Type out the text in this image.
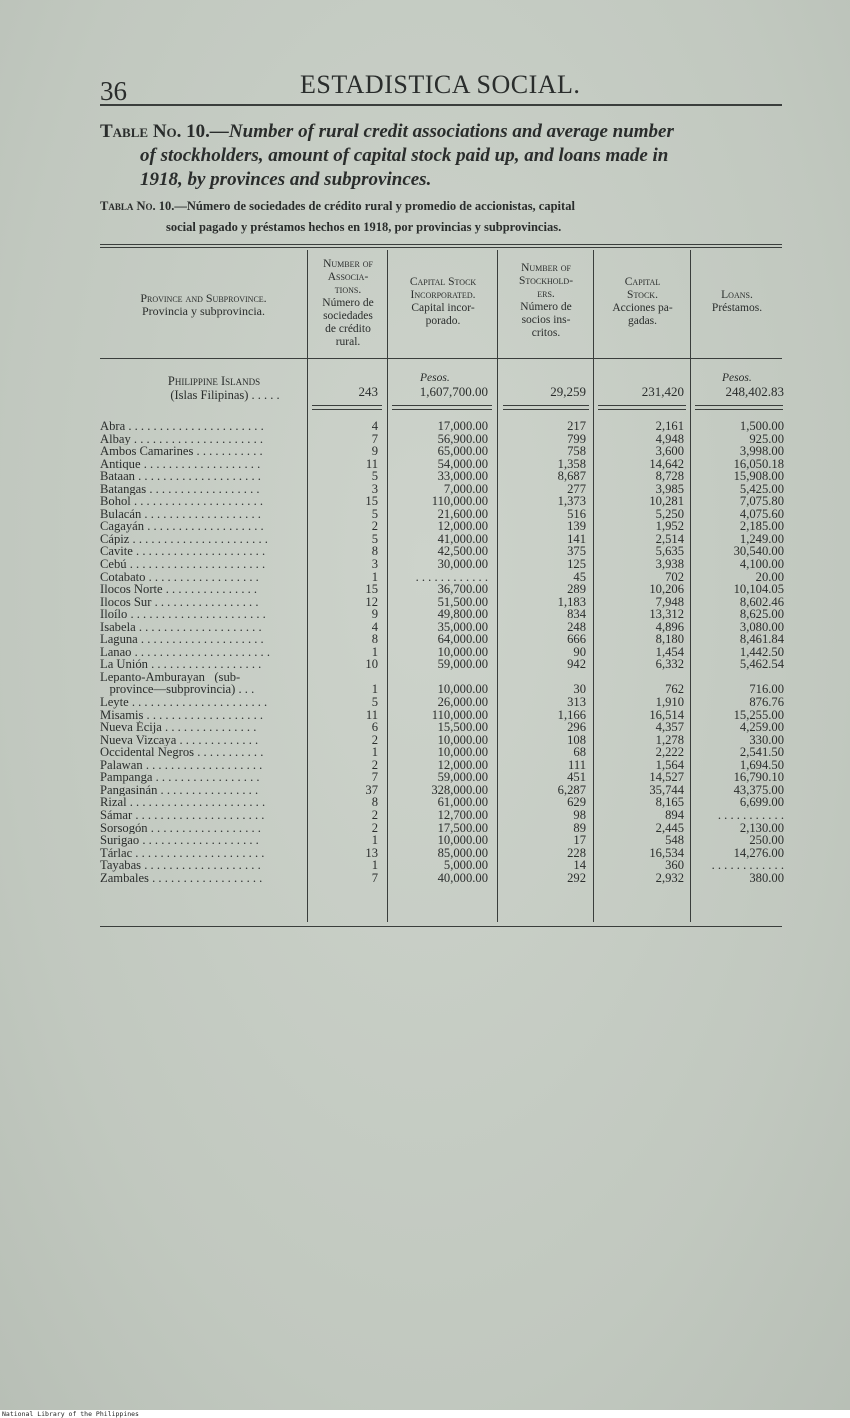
36	ESTADISTICA SOCIAL.
Table No. 10.—Number of rural credit associations and average number
of stockholders, amount of capital stock paid up, and loans made in
1918, by provinces and subprovinces.
Tabla No. 10.—Número de sociedades de crédito rural y promedio de accionistas, capital
social pagado y préstamos hechos en 1918, por provincias y subprovincias.
Province and Subprovince.
Provincia y subprovincia.
Number of
Associa-
tions.
Número de
sociedades
de crédito
rural.
Capital Stock
Incorporated.
Capital incor-
porado.
Number of
Stockhold-
ers.
Número de
socios ins-
critos.
Capital
Stock.
Acciones pa-
gadas.
Loans.
Préstamos.
Philippine Islands
(Islas Filipinas) . . . . .
Pesos.	Pesos.
243	1,607,700.00	29,259	231,420	248,402.83
Abra . . . . . . . . . . . . . . . . . . . . . .	4	17,000.00	217	2,161	1,500.00
Albay . . . . . . . . . . . . . . . . . . . . .	7	56,900.00	799	4,948	925.00
Ambos Camarines . . . . . . . . . . .	9	65,000.00	758	3,600	3,998.00
Antique . . . . . . . . . . . . . . . . . . .	11	54,000.00	1,358	14,642	16,050.18
Bataan . . . . . . . . . . . . . . . . . . . .	5	33,000.00	8,687	8,728	15,908.00
Batangas . . . . . . . . . . . . . . . . . .	3	7,000.00	277	3,985	5,425.00
Bohol . . . . . . . . . . . . . . . . . . . . .	15	110,000.00	1,373	10,281	7,075.80
Bulacán . . . . . . . . . . . . . . . . . . .	5	21,600.00	516	5,250	4,075.60
Cagayán . . . . . . . . . . . . . . . . . . .	2	12,000.00	139	1,952	2,185.00
Cápiz . . . . . . . . . . . . . . . . . . . . . .	5	41,000.00	141	2,514	1,249.00
Cavite . . . . . . . . . . . . . . . . . . . . .	8	42,500.00	375	5,635	30,540.00
Cebú . . . . . . . . . . . . . . . . . . . . . .	3	30,000.00	125	3,938	4,100.00
Cotabato . . . . . . . . . . . . . . . . . .	1	. . . . . . . . . . . .	45	702	20.00
Ilocos Norte . . . . . . . . . . . . . . .	15	36,700.00	289	10,206	10,104.05
Ilocos Sur . . . . . . . . . . . . . . . . .	12	51,500.00	1,183	7,948	8,602.46
Iloílo . . . . . . . . . . . . . . . . . . . . . .	9	49,800.00	834	13,312	8,625.00
Isabela . . . . . . . . . . . . . . . . . . . .	4	35,000.00	248	4,896	3,080.00
Laguna . . . . . . . . . . . . . . . . . . . .	8	64,000.00	666	8,180	8,461.84
Lanao . . . . . . . . . . . . . . . . . . . . . .	1	10,000.00	90	1,454	1,442.50
La Unión . . . . . . . . . . . . . . . . . .	10	59,000.00	942	6,332	5,462.54
Lepanto-Amburayan   (sub-
province—subprovincia) . . .	1	10,000.00	30	762	716.00
Leyte . . . . . . . . . . . . . . . . . . . . . .	5	26,000.00	313	1,910	876.76
Misamis . . . . . . . . . . . . . . . . . . .	11	110,000.00	1,166	16,514	15,255.00
Nueva Écija . . . . . . . . . . . . . . .	6	15,500.00	296	4,357	4,259.00
Nueva Vizcaya . . . . . . . . . . . . .	2	10,000.00	108	1,278	330.00
Occidental Negros . . . . . . . . . . .	1	10,000.00	68	2,222	2,541.50
Palawan . . . . . . . . . . . . . . . . . . .	2	12,000.00	111	1,564	1,694.50
Pampanga . . . . . . . . . . . . . . . . .	7	59,000.00	451	14,527	16,790.10
Pangasinán . . . . . . . . . . . . . . . .	37	328,000.00	6,287	35,744	43,375.00
Rizal . . . . . . . . . . . . . . . . . . . . . .	8	61,000.00	629	8,165	6,699.00
Sámar . . . . . . . . . . . . . . . . . . . . .	2	12,700.00	98	894	. . . . . . . . . . .
Sorsogón . . . . . . . . . . . . . . . . . .	2	17,500.00	89	2,445	2,130.00
Surigao . . . . . . . . . . . . . . . . . . .	1	10,000.00	17	548	250.00
Tárlac . . . . . . . . . . . . . . . . . . . . .	13	85,000.00	228	16,534	14,276.00
Tayabas . . . . . . . . . . . . . . . . . . .	1	5,000.00	14	360	. . . . . . . . . . . .
Zambales . . . . . . . . . . . . . . . . . .	7	40,000.00	292	2,932	380.00
National Library of the Philippines
